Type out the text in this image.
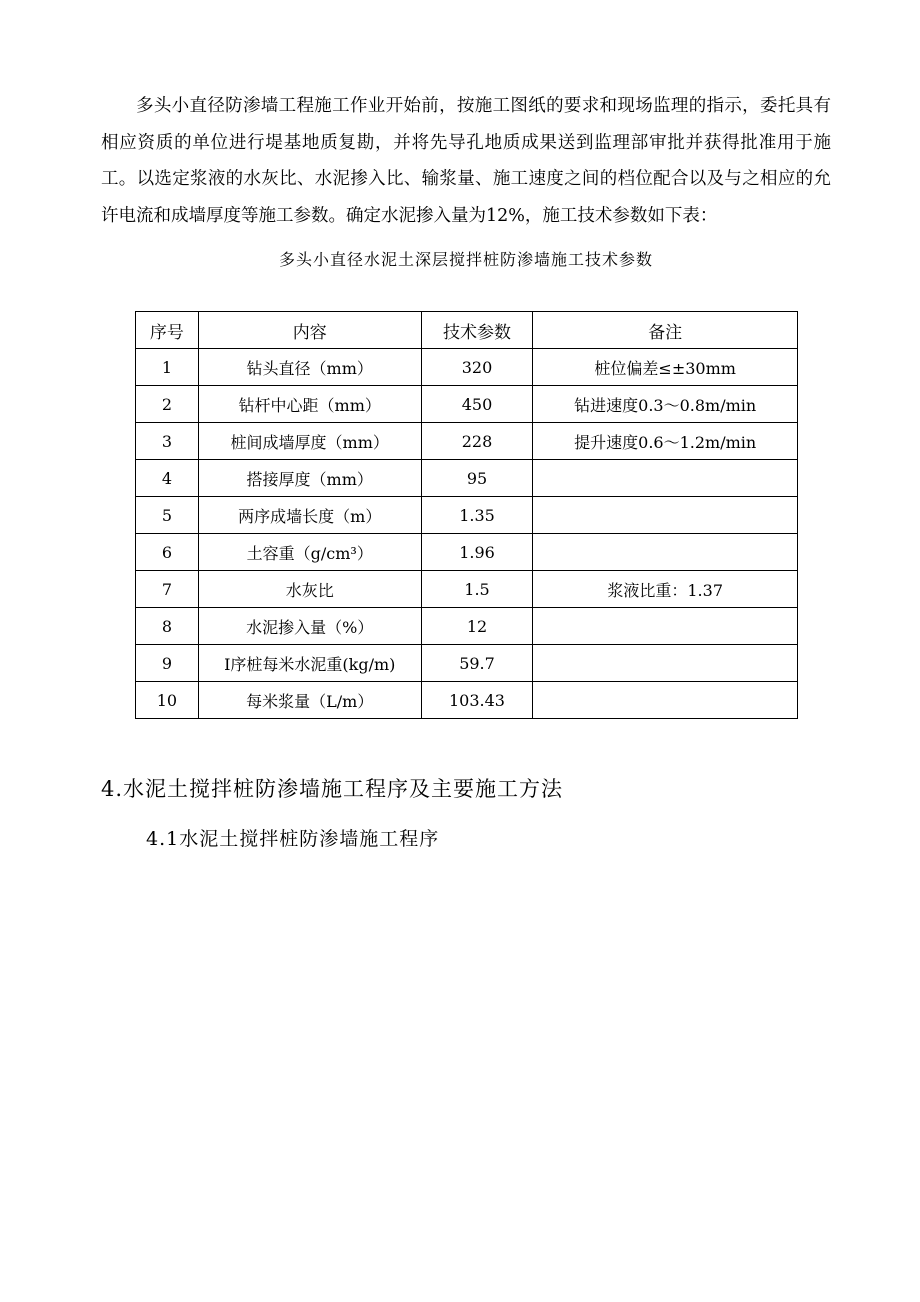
多头小直径防渗墙工程施工作业开始前，按施工图纸的要求和现场监理的指示，委托具有相应资质的单位进行堤基地质复勘，并将先导孔地质成果送到监理部审批并获得批准用于施工。以选定浆液的水灰比、水泥掺入比、输浆量、施工速度之间的档位配合以及与之相应的允许电流和成墙厚度等施工参数。确定水泥掺入量为12%，施工技术参数如下表：

多头小直径水泥土深层搅拌桩防渗墙施工技术参数

序号	内容	技术参数	备注
1	钻头直径（mm）	320	桩位偏差≤±30mm
2	钻杆中心距（mm）	450	钻进速度0.3～0.8m/min
3	桩间成墙厚度（mm）	228	提升速度0.6～1.2m/min
4	搭接厚度（mm）	95	
5	两序成墙长度（m）	1.35	
6	土容重（g/cm³）	1.96	
7	水灰比	1.5	浆液比重：1.37
8	水泥掺入量（%）	12	
9	Ⅰ序桩每米水泥重(kg/m)	59.7	
10	每米浆量（L/m）	103.43	
4.水泥土搅拌桩防渗墙施工程序及主要施工方法
4.1水泥土搅拌桩防渗墙施工程序
